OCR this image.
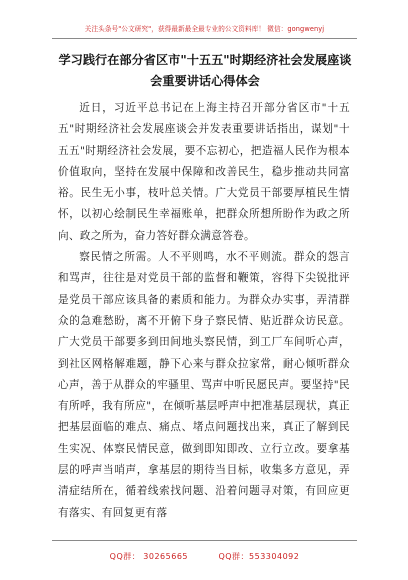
关注头条号"公文研究"，获得最新最全最专业的公文资料库！ 微信：gongwenyj
学习践行在部分省区市"十五五"时期经济社会发展座谈
会重要讲话心得体会

近日，习近平总书记在上海主持召开部分省区市"十五五"时期经济社会发展座谈会并发表重要讲话指出，谋划"十五五"时期经济社会发展，要不忘初心，把造福人民作为根本价值取向，坚持在发展中保障和改善民生，稳步推动共同富裕。民生无小事，枝叶总关情。广大党员干部要厚植民生情怀，以初心绘制民生幸福账单，把群众所想所盼作为政之所向、政之所为，奋力答好群众满意答卷。

察民情之所需。人不平则鸣，水不平则流。群众的怨言和骂声，往往是对党员干部的监督和鞭策，容得下尖锐批评是党员干部应该具备的素质和能力。为群众办实事，弄清群众的急难愁盼，离不开俯下身子察民情、贴近群众访民意。广大党员干部要多到田间地头察民情，到工厂车间听心声，到社区网格解难题，静下心来与群众拉家常，耐心倾听群众心声，善于从群众的牢骚里、骂声中听民愿民声。要坚持"民有所呼，我有所应"，在倾听基层呼声中把准基层现状，真正把基层面临的难点、痛点、堵点问题找出来，真正了解到民生实况、体察民情民意，做到即知即改、立行立改。要拿基层的呼声当哨声，拿基层的期待当目标，收集多方意见，弄清症结所在，循着线索找问题、沿着问题寻对策，有回应更有落实、有回复更有落

QQ群： 30265665          QQ群：553304092
